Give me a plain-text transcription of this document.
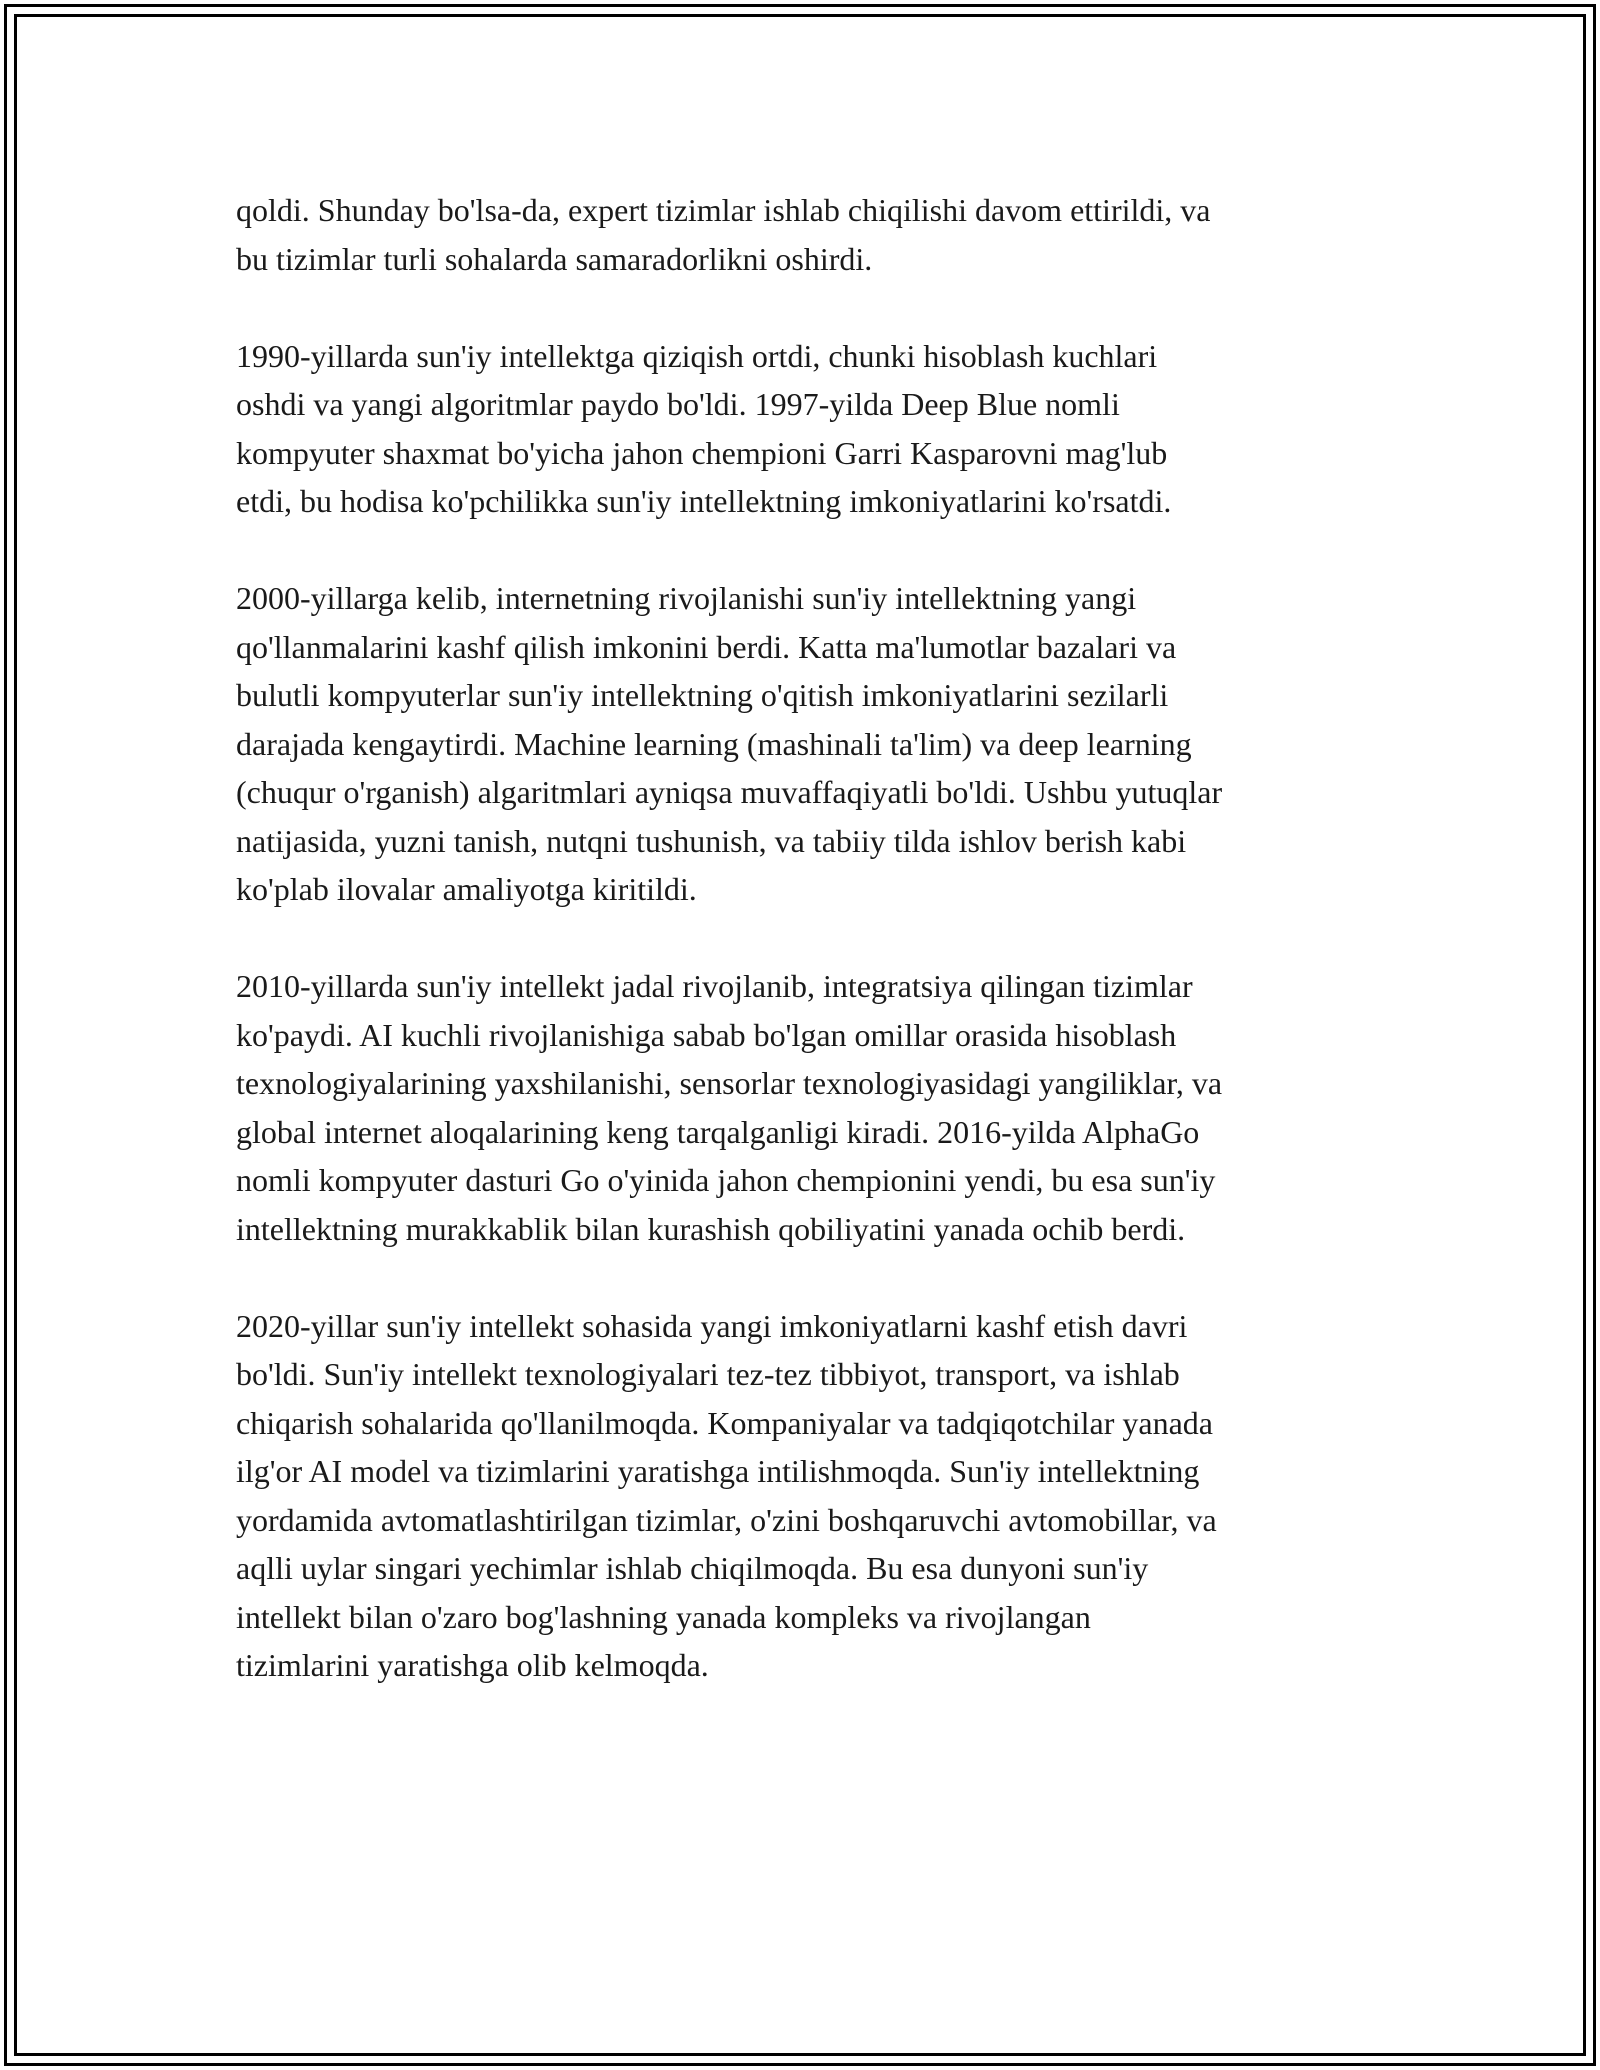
qoldi. Shunday bo'lsa-da, expert tizimlar ishlab chiqilishi davom ettirildi, va
bu tizimlar turli sohalarda samaradorlikni oshirdi.

1990-yillarda sun'iy intellektga qiziqish ortdi, chunki hisoblash kuchlari
oshdi va yangi algoritmlar paydo bo'ldi. 1997-yilda Deep Blue nomli
kompyuter shaxmat bo'yicha jahon chempioni Garri Kasparovni mag'lub
etdi, bu hodisa ko'pchilikka sun'iy intellektning imkoniyatlarini ko'rsatdi.

2000-yillarga kelib, internetning rivojlanishi sun'iy intellektning yangi
qo'llanmalarini kashf qilish imkonini berdi. Katta ma'lumotlar bazalari va
bulutli kompyuterlar sun'iy intellektning o'qitish imkoniyatlarini sezilarli
darajada kengaytirdi. Machine learning (mashinali ta'lim) va deep learning
(chuqur o'rganish) algaritmlari ayniqsa muvaffaqiyatli bo'ldi. Ushbu yutuqlar
natijasida, yuzni tanish, nutqni tushunish, va tabiiy tilda ishlov berish kabi
ko'plab ilovalar amaliyotga kiritildi.

2010-yillarda sun'iy intellekt jadal rivojlanib, integratsiya qilingan tizimlar
ko'paydi. AI kuchli rivojlanishiga sabab bo'lgan omillar orasida hisoblash
texnologiyalarining yaxshilanishi, sensorlar texnologiyasidagi yangiliklar, va
global internet aloqalarining keng tarqalganligi kiradi. 2016-yilda AlphaGo
nomli kompyuter dasturi Go o'yinida jahon chempionini yendi, bu esa sun'iy
intellektning murakkablik bilan kurashish qobiliyatini yanada ochib berdi.

2020-yillar sun'iy intellekt sohasida yangi imkoniyatlarni kashf etish davri
bo'ldi. Sun'iy intellekt texnologiyalari tez-tez tibbiyot, transport, va ishlab
chiqarish sohalarida qo'llanilmoqda. Kompaniyalar va tadqiqotchilar yanada
ilg'or AI model va tizimlarini yaratishga intilishmoqda. Sun'iy intellektning
yordamida avtomatlashtirilgan tizimlar, o'zini boshqaruvchi avtomobillar, va
aqlli uylar singari yechimlar ishlab chiqilmoqda. Bu esa dunyoni sun'iy
intellekt bilan o'zaro bog'lashning yanada kompleks va rivojlangan
tizimlarini yaratishga olib kelmoqda.
